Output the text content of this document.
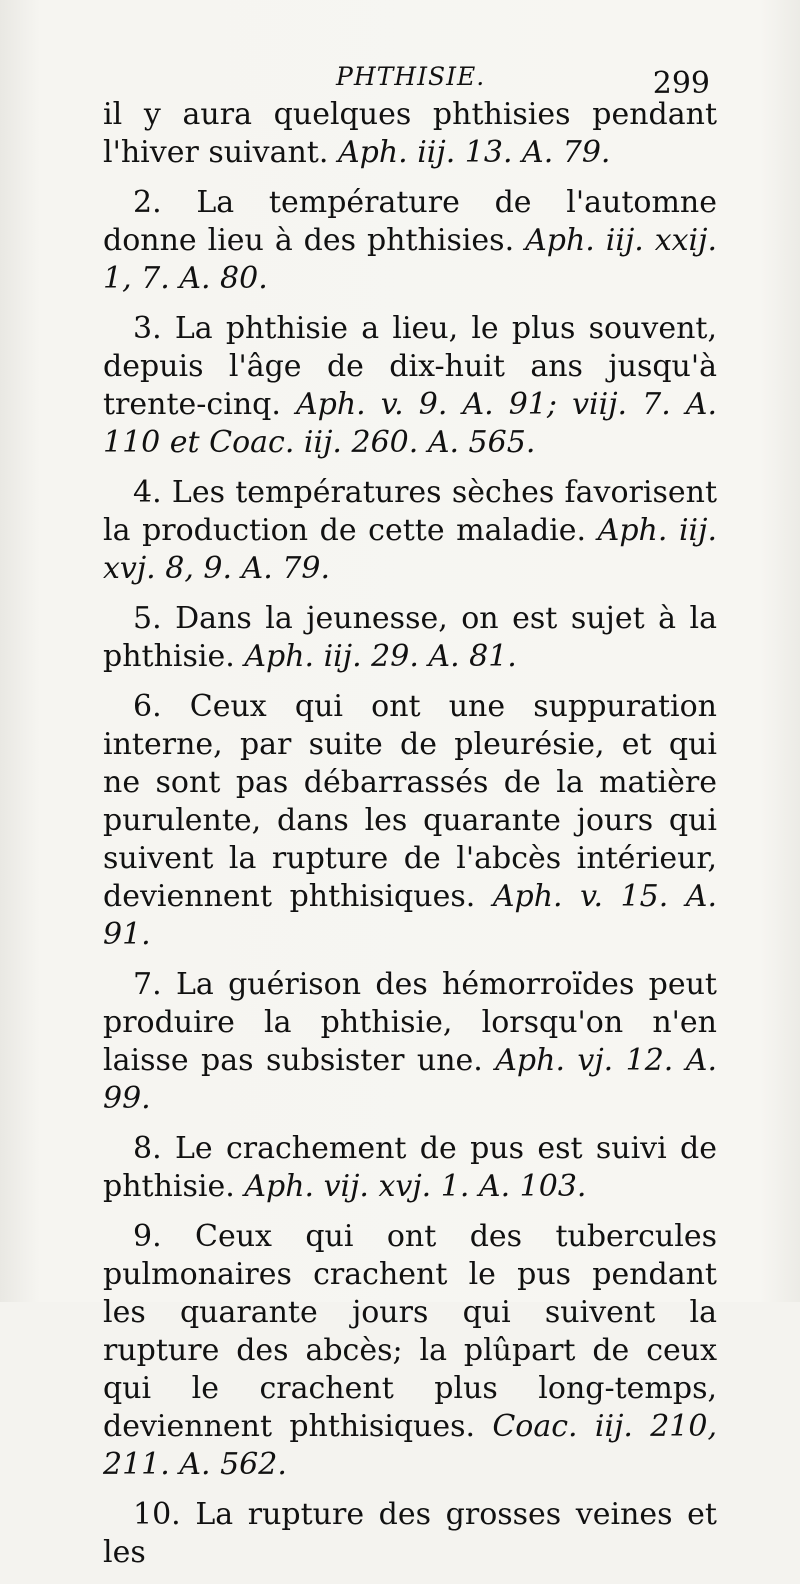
PHTHISIE.	299

il y aura quelques phthisies pendant l'hiver suivant. Aph. iij. 13. A. 79.

2. La température de l'automne donne lieu à des phthisies. Aph. iij. xxij. 1, 7. A. 80.

3. La phthisie a lieu, le plus souvent, depuis l'âge de dix-huit ans jusqu'à trente-cinq. Aph. v. 9. A. 91; viij. 7. A. 110 et Coac. iij. 260. A. 565.

4. Les températures sèches favorisent la production de cette maladie. Aph. iij. xvj. 8, 9. A. 79.

5. Dans la jeunesse, on est sujet à la phthisie. Aph. iij. 29. A. 81.

6. Ceux qui ont une suppuration interne, par suite de pleurésie, et qui ne sont pas débarrassés de la matière purulente, dans les quarante jours qui suivent la rupture de l'abcès intérieur, deviennent phthisiques. Aph. v. 15. A. 91.

7. La guérison des hémorroïdes peut produire la phthisie, lorsqu'on n'en laisse pas subsister une. Aph. vj. 12. A. 99.

8. Le crachement de pus est suivi de phthisie. Aph. vij. xvj. 1. A. 103.

9. Ceux qui ont des tubercules pulmonaires crachent le pus pendant les quarante jours qui suivent la rupture des abcès; la plûpart de ceux qui le crachent plus long-temps, deviennent phthisiques. Coac. iij. 210, 211. A. 562.

10. La rupture des grosses veines et les
